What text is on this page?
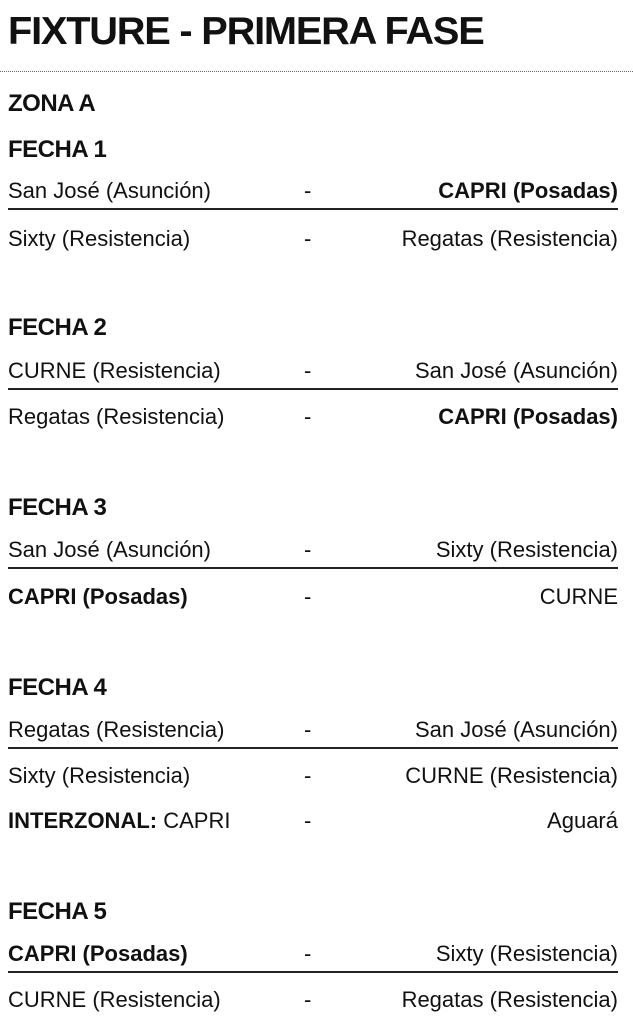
FIXTURE - PRIMERA FASE
ZONA A
FECHA 1
San José (Asunción)	-	CAPRI (Posadas)
Sixty (Resistencia)	-	Regatas (Resistencia)
FECHA 2
CURNE (Resistencia)	-	San José (Asunción)
Regatas (Resistencia)	-	CAPRI (Posadas)
FECHA 3
San José (Asunción)	-	Sixty (Resistencia)
CAPRI (Posadas)	-	CURNE
FECHA 4
Regatas (Resistencia)	-	San José (Asunción)
Sixty (Resistencia)	-	CURNE (Resistencia)
INTERZONAL: CAPRI	-	Aguará
FECHA 5
CAPRI (Posadas)	-	Sixty (Resistencia)
CURNE (Resistencia)	-	Regatas (Resistencia)
